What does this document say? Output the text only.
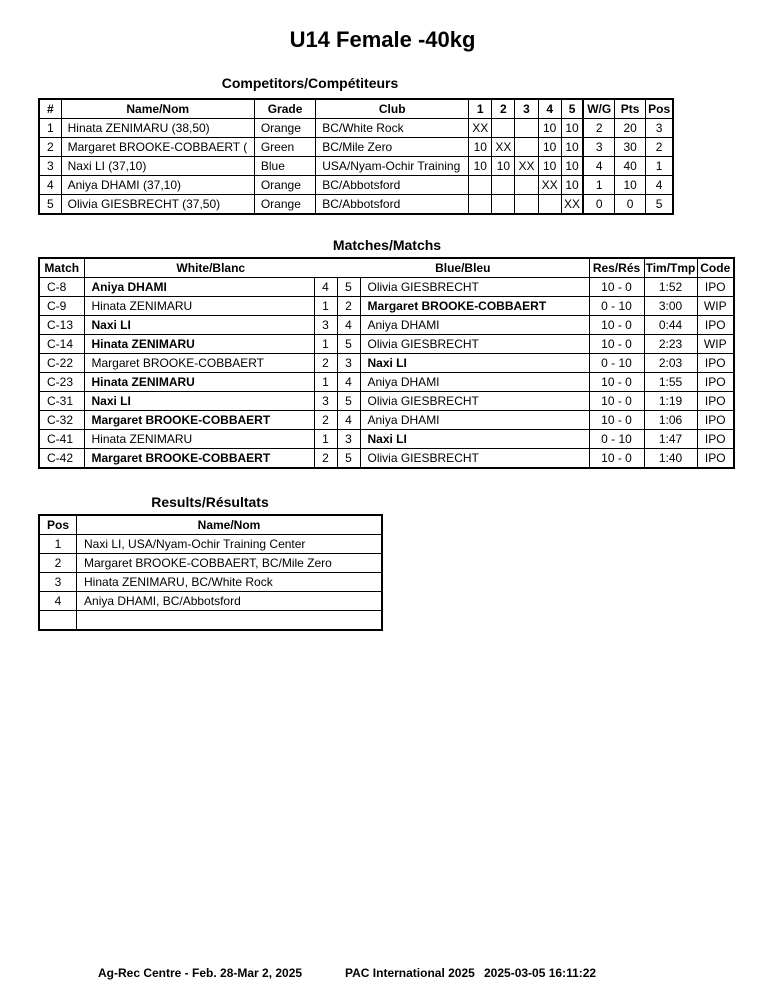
U14 Female -40kg
Competitors/Compétiteurs
#	Name/Nom	Grade	Club	1	2	3	4	5	W/G	Pts	Pos
1	Hinata ZENIMARU (38,50)	Orange	BC/White Rock	XX			10	10	2	20	3
2	Margaret BROOKE-COBBAERT (	Green	BC/Mile Zero	10	XX		10	10	3	30	2
3	Naxi LI (37,10)	Blue	USA/Nyam-Ochir Training	10	10	XX	10	10	4	40	1
4	Aniya DHAMI (37,10)	Orange	BC/Abbotsford				XX	10	1	10	4
5	Olivia GIESBRECHT (37,50)	Orange	BC/Abbotsford					XX	0	0	5
Matches/Matchs
Match	White/Blanc		Blue/Bleu		Res/Rés	Tim/Tmp	Code
C-8	Aniya DHAMI	4	5	Olivia GIESBRECHT	10 - 0	1:52	IPO
C-9	Hinata ZENIMARU	1	2	Margaret BROOKE-COBBAERT	0 - 10	3:00	WIP
C-13	Naxi LI	3	4	Aniya DHAMI	10 - 0	0:44	IPO
C-14	Hinata ZENIMARU	1	5	Olivia GIESBRECHT	10 - 0	2:23	WIP
C-22	Margaret BROOKE-COBBAERT	2	3	Naxi LI	0 - 10	2:03	IPO
C-23	Hinata ZENIMARU	1	4	Aniya DHAMI	10 - 0	1:55	IPO
C-31	Naxi LI	3	5	Olivia GIESBRECHT	10 - 0	1:19	IPO
C-32	Margaret BROOKE-COBBAERT	2	4	Aniya DHAMI	10 - 0	1:06	IPO
C-41	Hinata ZENIMARU	1	3	Naxi LI	0 - 10	1:47	IPO
C-42	Margaret BROOKE-COBBAERT	2	5	Olivia GIESBRECHT	10 - 0	1:40	IPO
Results/Résultats
Pos	Name/Nom
1	Naxi LI, USA/Nyam-Ochir Training Center
2	Margaret BROOKE-COBBAERT, BC/Mile Zero
3	Hinata ZENIMARU, BC/White Rock
4	Aniya DHAMI, BC/Abbotsford

Ag-Rec Centre - Feb. 28-Mar 2, 2025	PAC International 2025 2025-03-05 16:11:22
